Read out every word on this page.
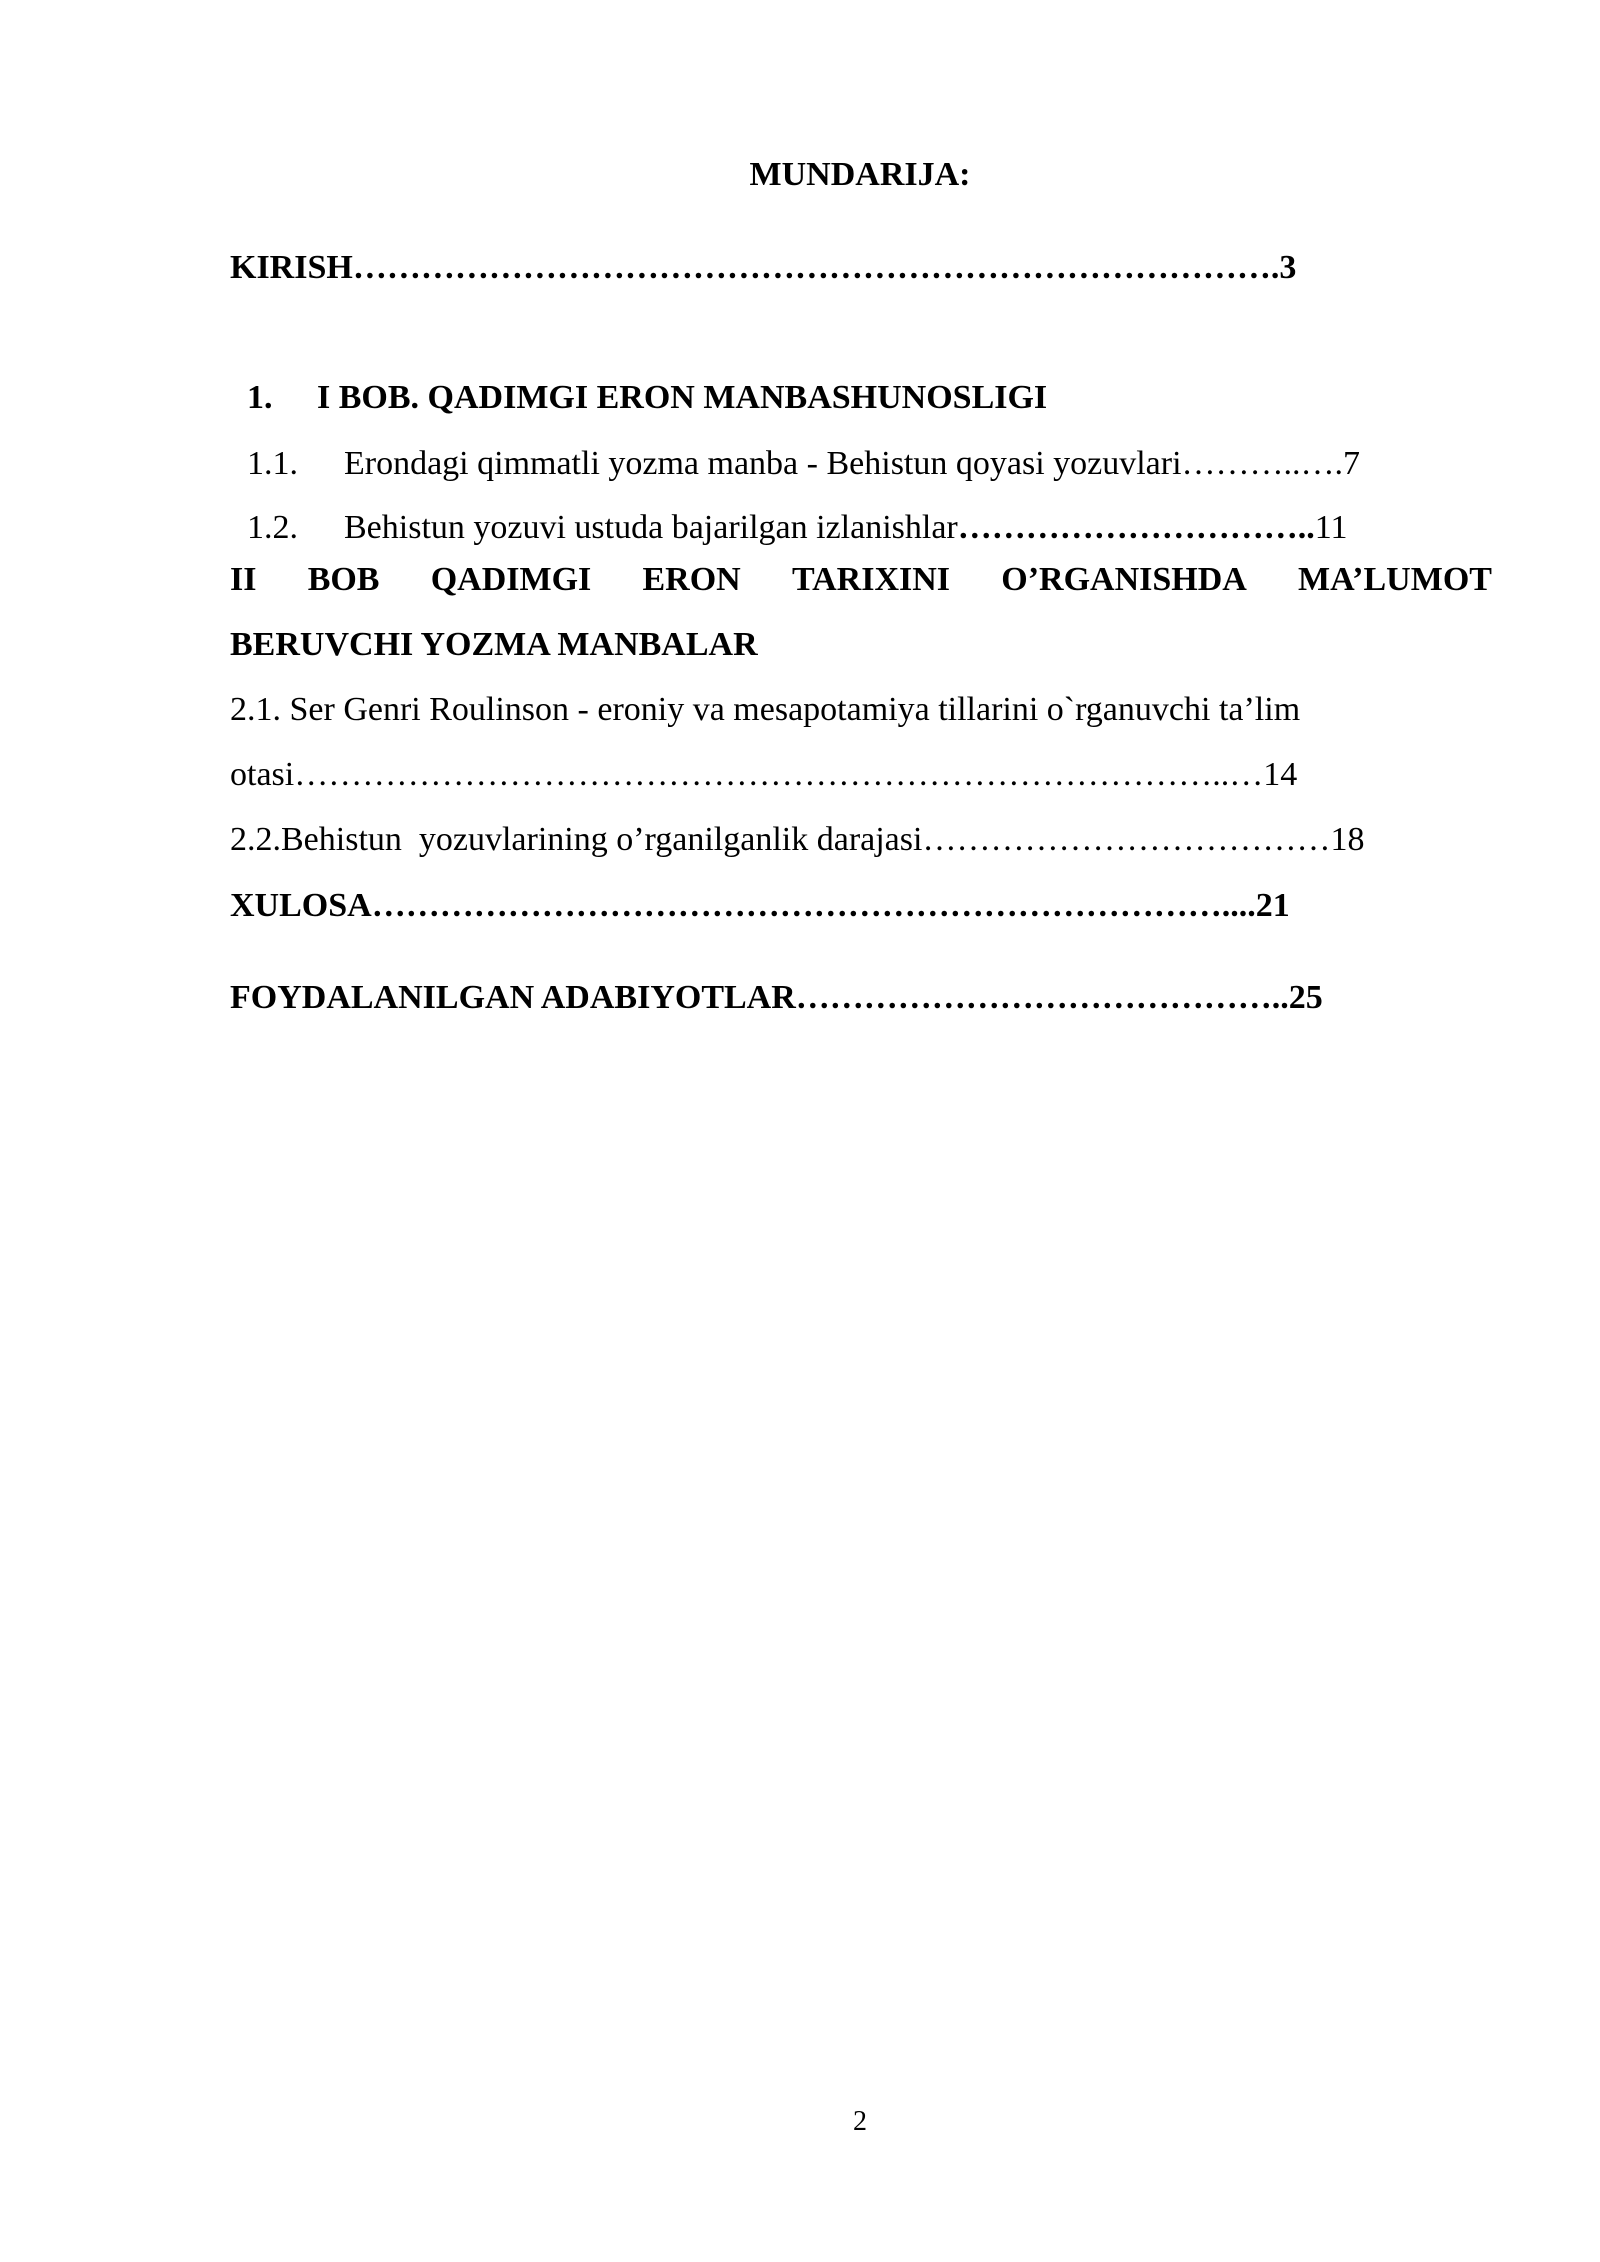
MUNDARIJA:
KIRISH……………………………………………………………………….3

1. I BOB. QADIMGI ERON MANBASHUNOSLIGI

1.1. Erondagi qimmatli yozma manba - Behistun qoyasi yozuvlari………..….7

1.2. Behistun yozuvi ustuda bajarilgan izlanishlar…………………………..11

II BOB QADIMGI ERON TARIXINI O’RGANISHDA MA’LUMOT
BERUVCHI YOZMA MANBALAR
2.1. Ser Genri Roulinson - eroniy va mesapotamiya tillarini o`rganuvchi ta’lim
otasi………………………………………………………………………..…14
2.2.Behistun  yozuvlarining o’rganilganlik darajasi………………………………18
XULOSA…………………………………………………………………....21
FOYDALANILGAN ADABIYOTLAR……………………………………..25
2
